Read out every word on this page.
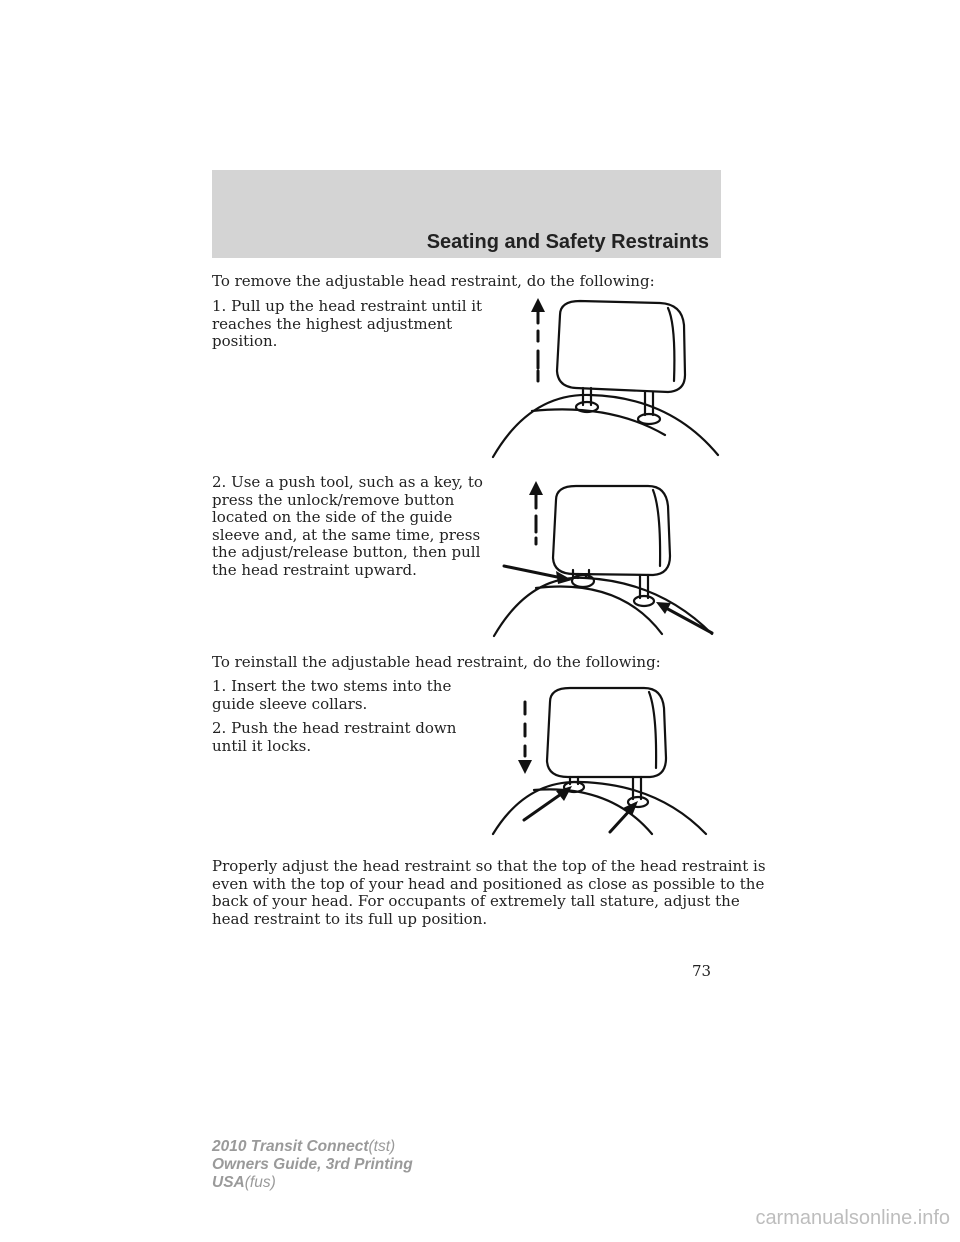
Seating and Safety Restraints

To remove the adjustable head restraint, do the following:

1. Pull up the head restraint until it
reaches the highest adjustment
position.
2. Use a push tool, such as a key, to
press the unlock/remove button
located on the side of the guide
sleeve and, at the same time, press
the adjust/release button, then pull
the head restraint upward.

To reinstall the adjustable head restraint, do the following:

1. Insert the two stems into the
guide sleeve collars.
2. Push the head restraint down
until it locks.
Properly adjust the head restraint so that the top of the head restraint is
even with the top of your head and positioned as close as possible to the
back of your head. For occupants of extremely tall stature, adjust the
head restraint to its full up position.
73
2010 Transit Connect(tst)
Owners Guide, 3rd Printing
USA(fus)
carmanualsonline.info
